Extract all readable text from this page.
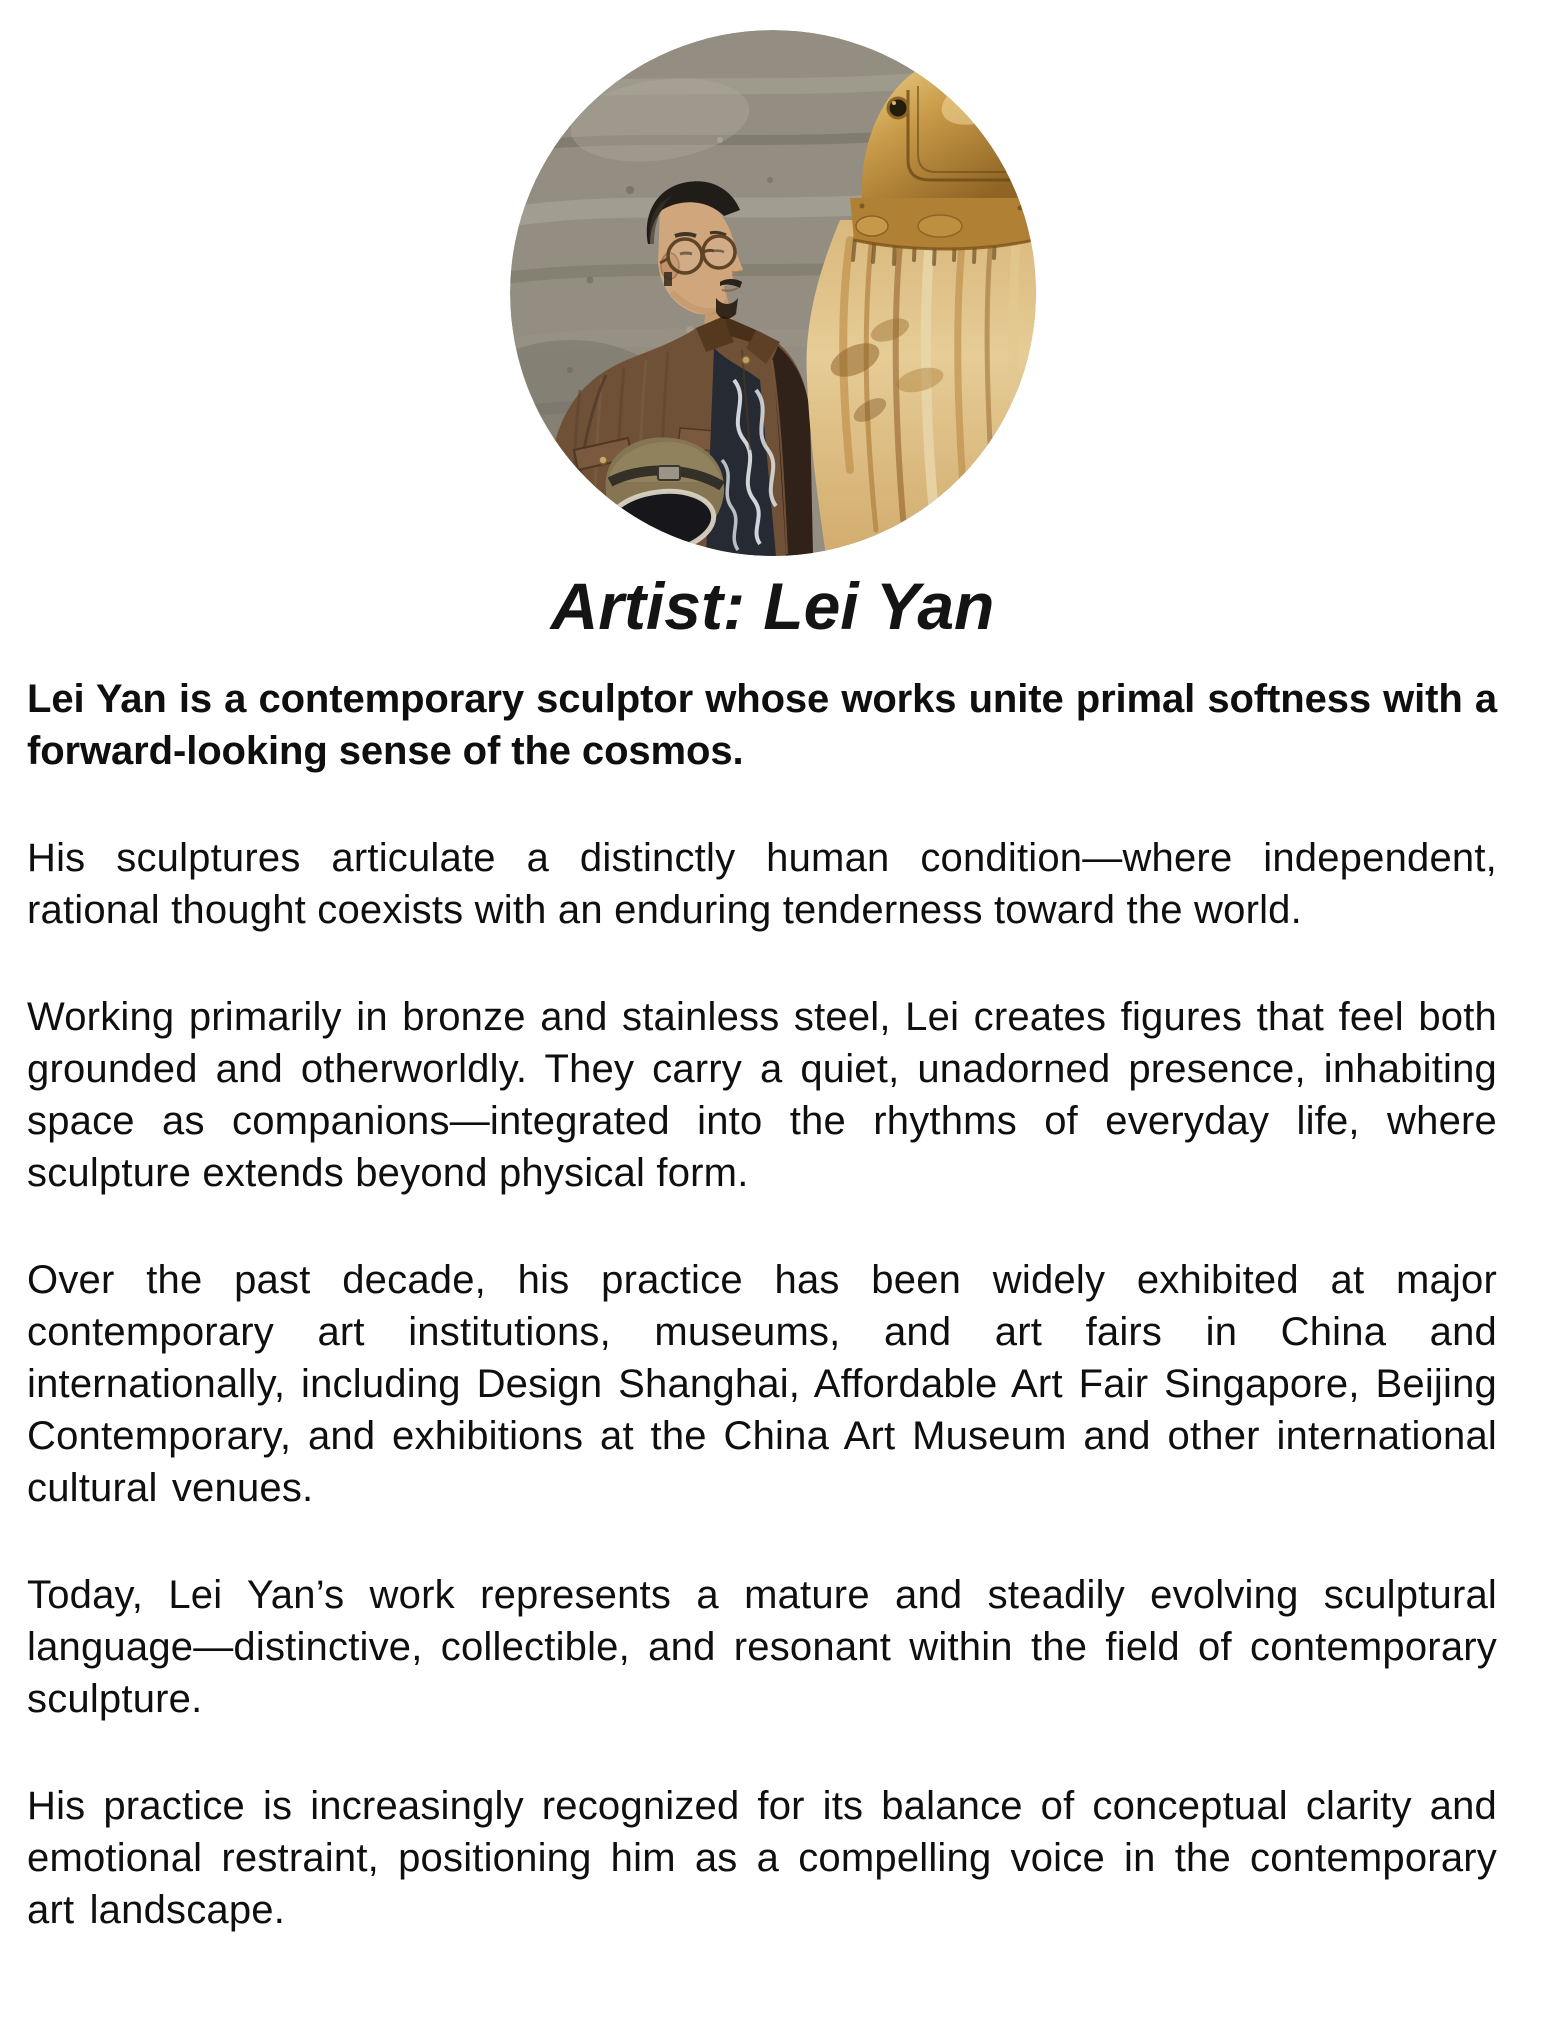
Artist: Lei Yan

Lei Yan is a contemporary sculptor whose works unite primal softness with a forward-looking sense of the cosmos.

His sculptures articulate a distinctly human condition—where independent, rational thought coexists with an enduring tenderness toward the world.

Working primarily in bronze and stainless steel, Lei creates figures that feel both grounded and otherworldly. They carry a quiet, unadorned presence, inhabiting space as companions—integrated into the rhythms of everyday life, where sculpture extends beyond physical form.

Over the past decade, his practice has been widely exhibited at major contemporary art institutions, museums, and art fairs in China and internationally, including Design Shanghai, Affordable Art Fair Singapore, Beijing Contemporary, and exhibitions at the China Art Museum and other international cultural venues.

Today, Lei Yan’s work represents a mature and steadily evolving sculptural language—distinctive, collectible, and resonant within the field of contemporary sculpture.

His practice is increasingly recognized for its balance of conceptual clarity and emotional restraint, positioning him as a compelling voice in the contemporary art landscape.
